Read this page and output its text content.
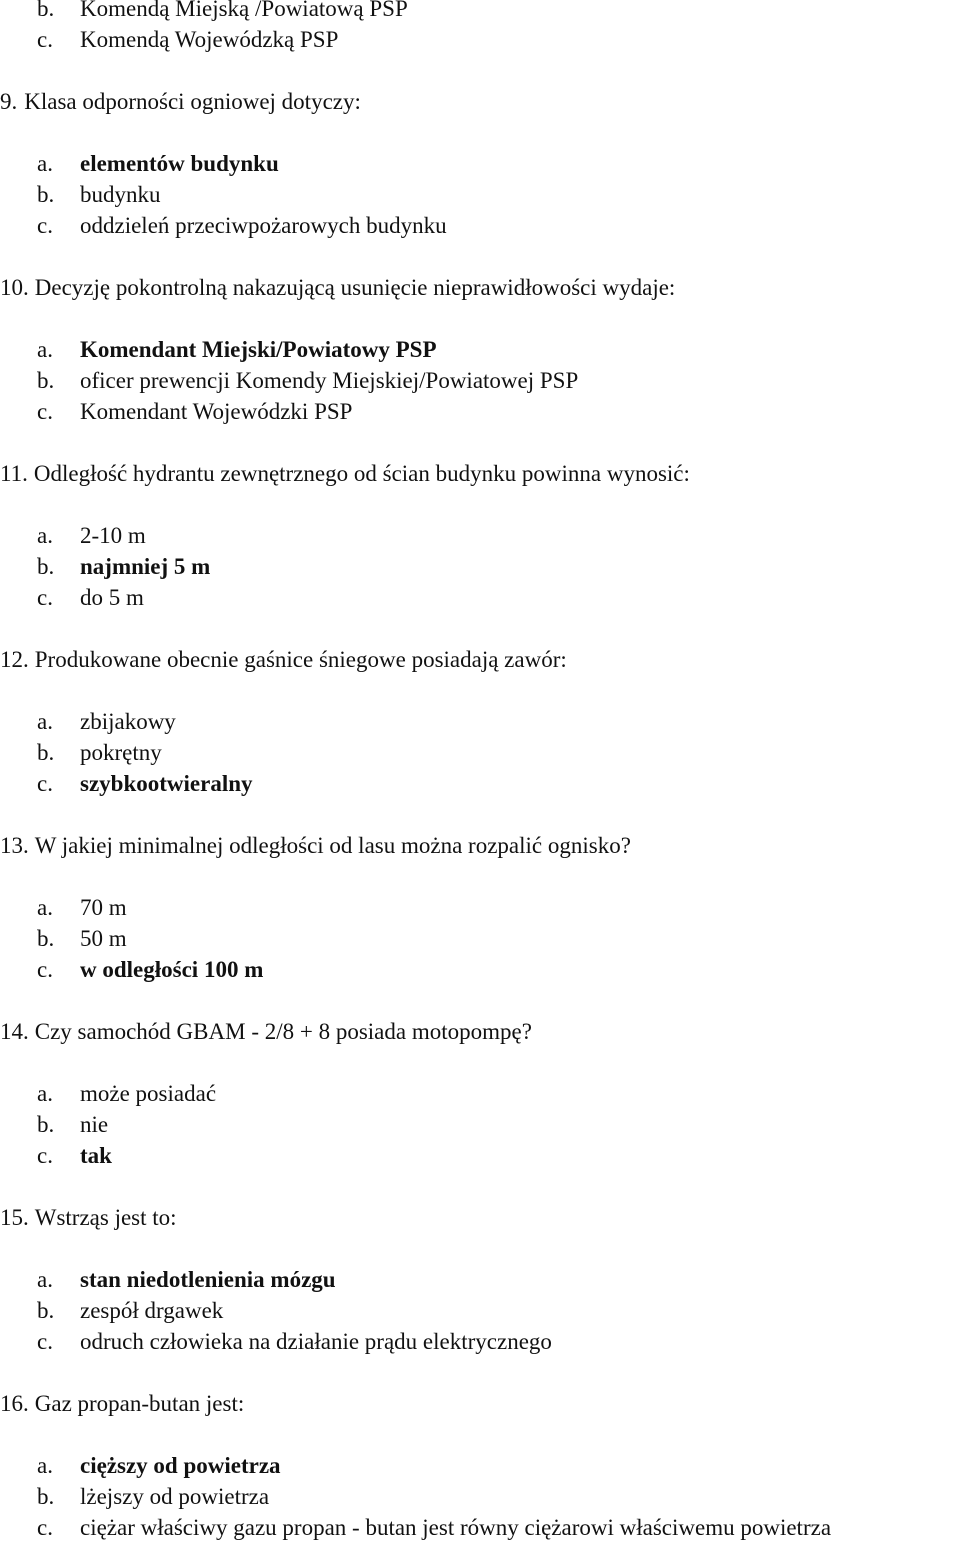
b.	Komendą Miejską /Powiatową PSP
c.	Komendą Wojewódzką PSP
9. Klasa odporności ogniowej dotyczy:
a.	elementów budynku
b.	budynku
c.	oddzieleń przeciwpożarowych budynku
10. Decyzję pokontrolną nakazującą usunięcie nieprawidłowości wydaje:
a.	Komendant Miejski/Powiatowy PSP
b.	oficer prewencji Komendy Miejskiej/Powiatowej PSP
c.	Komendant Wojewódzki PSP
11. Odległość hydrantu zewnętrznego od ścian budynku powinna wynosić:
a.	2-10 m
b.	najmniej 5 m
c.	do 5 m
12. Produkowane obecnie gaśnice śniegowe posiadają zawór:
a.	zbijakowy
b.	pokrętny
c.	szybkootwieralny
13. W jakiej minimalnej odległości od lasu można rozpalić ognisko?
a.	70 m
b.	50 m
c.	w odległości 100 m
14. Czy samochód GBAM - 2/8 + 8 posiada motopompę?
a.	może posiadać
b.	nie
c.	tak
15. Wstrząs jest to:
a.	stan niedotlenienia mózgu
b.	zespół drgawek
c.	odruch człowieka na działanie prądu elektrycznego
16. Gaz propan-butan jest:
a.	cięższy od powietrza
b.	lżejszy od powietrza
c.	ciężar właściwy gazu propan - butan jest równy ciężarowi właściwemu powietrza
